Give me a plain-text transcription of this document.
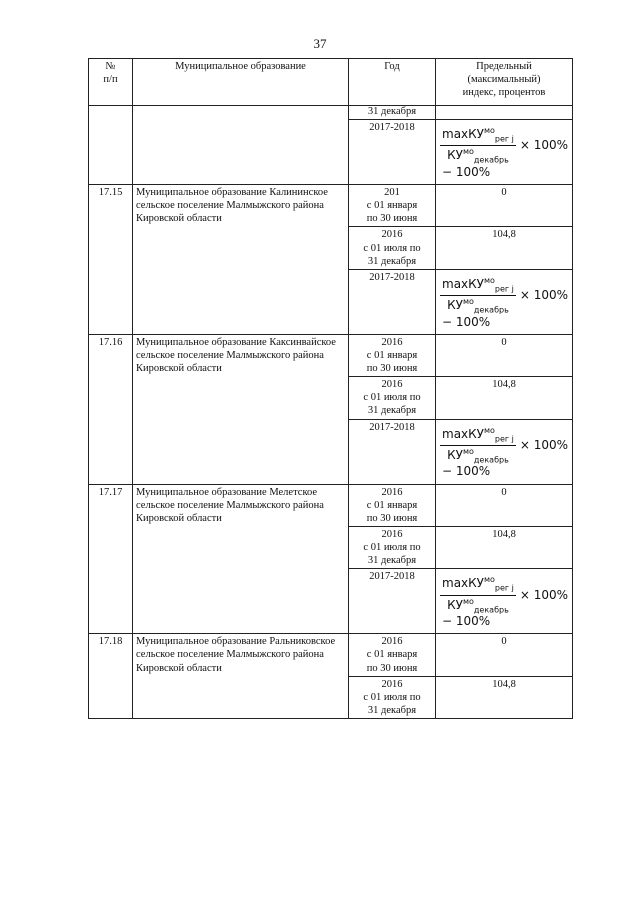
37
№
п/п	Муниципальное образование	Год	Предельный
(максимальный)
индекс, процентов
		31 декабря	
		2017-2018	$\frac{\max КУ^{мо}_{рег j}}{КУ^{мо}_{декабрь}} \times 100\%$
− 100%

17.15	Муниципальное образование Калининское сельское поселение Малмыжского района Кировской области	201
с 01 января
по 30 июня	0
		2016
с 01 июля по
31 декабря	104,8
		2017-2018	$\frac{\max КУ^{мо}_{рег j}}{КУ^{мо}_{декабрь}} \times 100\%$
− 100%

17.16	Муниципальное образование Каксинвайское сельское поселение Малмыжского района Кировской области	2016
с 01 января
по 30 июня	0
		2016
с 01 июля по
31 декабря	104,8
		2017-2018	$\frac{\max КУ^{мо}_{рег j}}{КУ^{мо}_{декабрь}} \times 100\%$
− 100%

17.17	Муниципальное образование Мелетское сельское поселение Малмыжского района Кировской области	2016
с 01 января
по 30 июня	0
		2016
с 01 июля по
31 декабря	104,8
		2017-2018	$\frac{\max КУ^{мо}_{рег j}}{КУ^{мо}_{декабрь}} \times 100\%$
− 100%

17.18	Муниципальное образование Ральниковское сельское поселение Малмыжского района Кировской области	2016
с 01 января
по 30 июня	0
		2016
с 01 июля по
31 декабря	104,8
